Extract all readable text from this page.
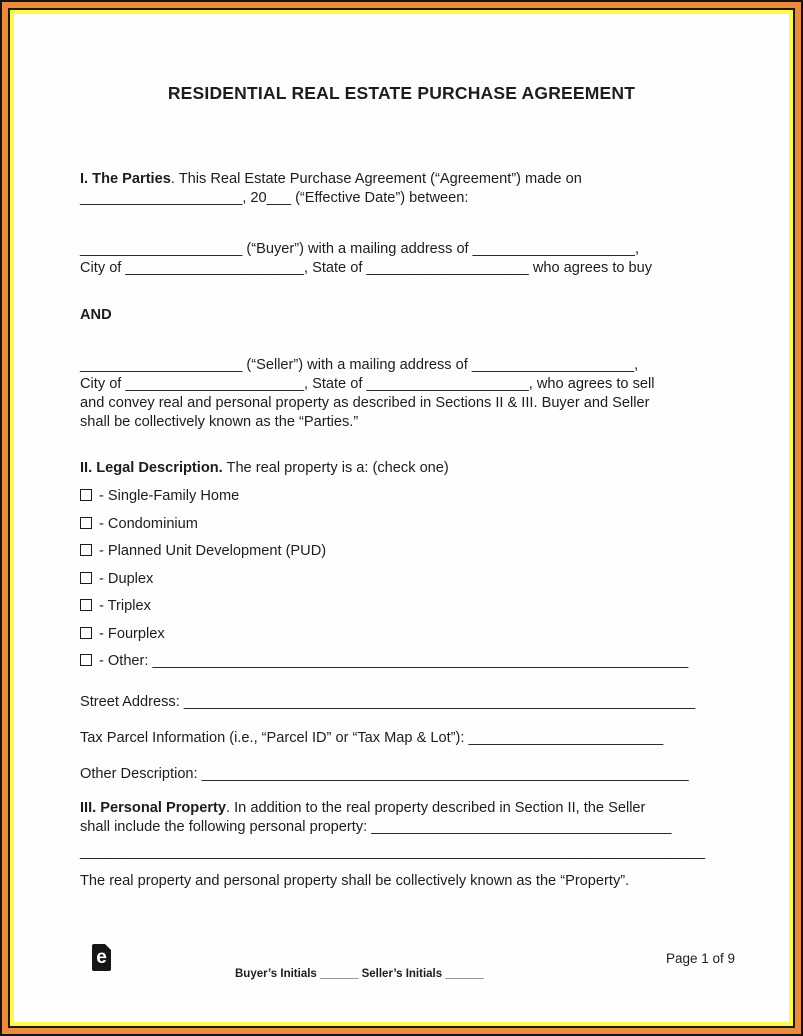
RESIDENTIAL REAL ESTATE PURCHASE AGREEMENT
I. The Parties. This Real Estate Purchase Agreement (“Agreement”) made on
____________________, 20___ (“Effective Date”) between:
____________________ (“Buyer”) with a mailing address of ____________________,
City of ______________________, State of ____________________ who agrees to buy
AND
____________________ (“Seller”) with a mailing address of ____________________,
City of ______________________, State of ____________________, who agrees to sell
and convey real and personal property as described in Sections II & III. Buyer and Seller
shall be collectively known as the “Parties.”
II. Legal Description. The real property is a: (check one)
- Single-Family Home
- Condominium
- Planned Unit Development (PUD)
- Duplex
- Triplex
- Fourplex
- Other: __________________________________________________________________
Street Address: _______________________________________________________________
Tax Parcel Information (i.e., “Parcel ID” or “Tax Map & Lot”): ________________________
Other Description: ____________________________________________________________
III. Personal Property. In addition to the real property described in Section II, the Seller
shall include the following personal property: _____________________________________
_____________________________________________________________________________
The real property and personal property shall be collectively known as the “Property”.
e	Page 1 of 9
Buyer’s Initials ______ Seller’s Initials ______
